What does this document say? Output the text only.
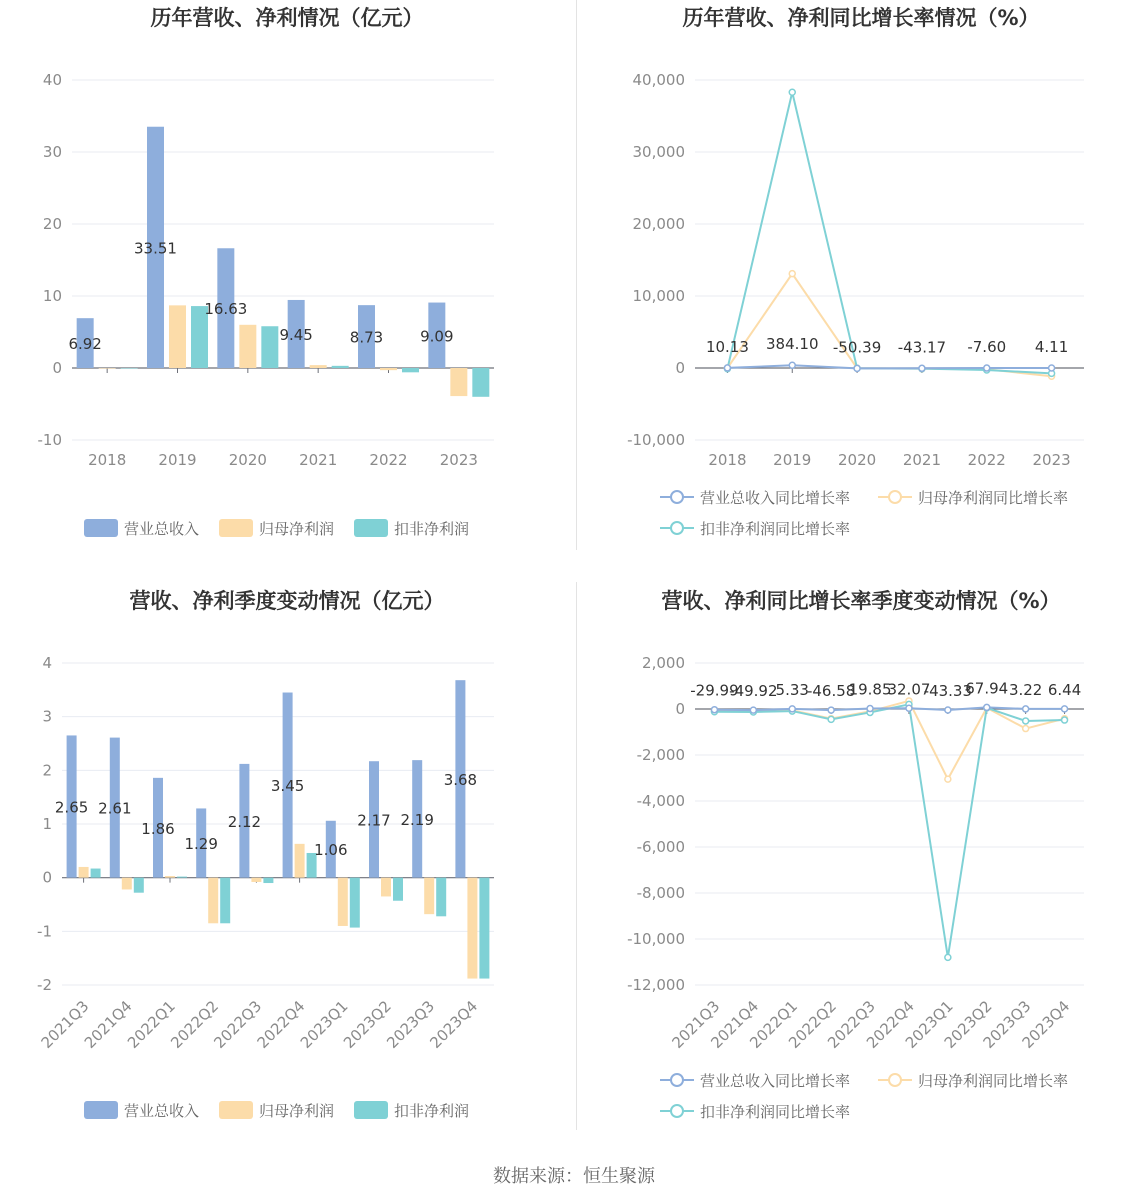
历年营收、净利情况（亿元）
-10
0
10
20
30
40
2018 2019 2020 2021 2022 2023
6.92
33.51
16.63
9.45 8.73 9.09
营业总收入	归母净利润	扣非净利润
历年营收、净利同比增长率情况（%）
-10,000
0
10,000
20,000
30,000
40,000
2018 2019 2020 2021 2022 2023
10.13 384.10 -50.39 -43.17 -7.60 4.11
营业总收入同比增长率	归母净利润同比增长率
扣非净利润同比增长率
营收、净利季度变动情况（亿元）
-2
-1
0
1
2
3
4
2021Q3
2021Q4
2022Q1
2022Q2
2022Q3
2022Q4
2023Q1
2023Q2
2023Q3
2023Q4
2.65 2.61
1.86
1.29
2.12
3.45
1.06
2.17 2.19
3.68
营业总收入	归母净利润	扣非净利润
营收、净利同比增长率季度变动情况（%）
-12,000
-10,000
-8,000
-6,000
-4,000
-2,000
0
2,000
2021Q3
2021Q4
2022Q1
2022Q2
2022Q3
2022Q4
2023Q1
2023Q2
2023Q3
2023Q4
-29.99
-49.92
5.33
-46.58
19.85
32.07
-43.33
67.94 3.22 6.44
营业总收入同比增长率	归母净利润同比增长率
扣非净利润同比增长率
数据来源：恒生聚源
